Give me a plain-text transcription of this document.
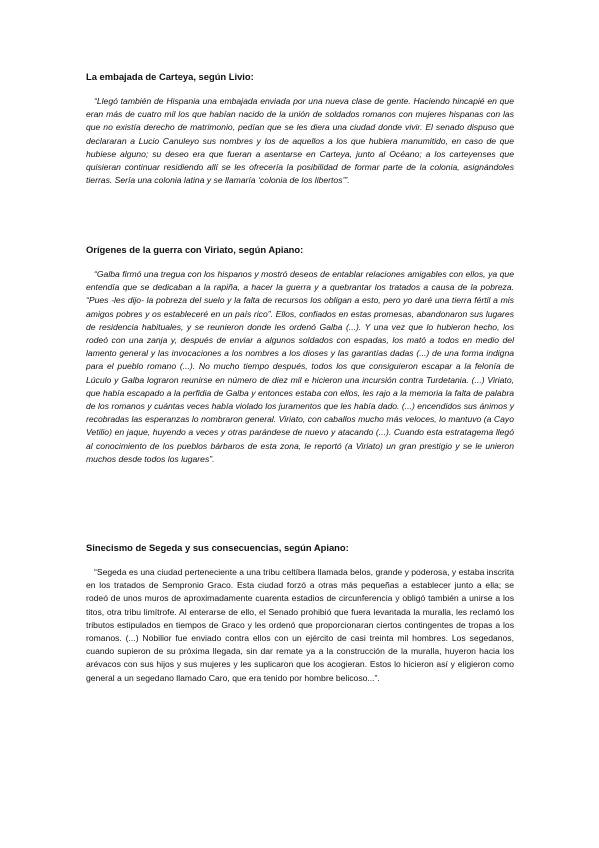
La embajada de Carteya, según Livio:

“Llegó también de Hispania una embajada enviada por una nueva clase de gente. Haciendo hincapié en que eran más de cuatro mil los que habían nacido de la unión de soldados romanos con mujeres hispanas con las que no existía derecho de matrimonio, pedían que se les diera una ciudad donde vivir. El senado dispuso que declararan a Lucio Canuleyo sus nombres y los de aquellos a los que hubiera manumitido, en caso de que hubiese alguno; su deseo era que fueran a asentarse en Carteya, junto al Océano; a los carteyenses que quisieran continuar residiendo allí se les ofrecería la posibilidad de formar parte de la colonia, asignándoles tierras. Sería una colonia latina y se llamaría ‘colonia de los libertos’”.

Orígenes de la guerra con Viriato, según Apiano:

“Galba firmó una tregua con los hispanos y mostró deseos de entablar relaciones amigables con ellos, ya que entendía que se dedicaban a la rapiña, a hacer la guerra y a quebrantar los tratados a causa de la pobreza. “Pues -les dijo- la pobreza del suelo y la falta de recursos los obligan a esto, pero yo daré una tierra fértil a mis amigos pobres y os estableceré en un país rico”. Ellos, confiados en estas promesas, abandonaron sus lugares de residencia habituales, y se reunieron donde les ordenó Galba (...). Y una vez que lo hubieron hecho, los rodeó con una zanja y, después de enviar a algunos soldados con espadas, los mató a todos en medio del lamento general y las invocaciones a los nombres a los dioses y las garantías dadas (...) de una forma indigna para el pueblo romano (...). No mucho tiempo después, todos los que consiguieron escapar a la felonía de Lúculo y Galba lograron reunirse en número de diez mil e hicieron una incursión contra Turdetania. (...) Viriato, que había escapado a la perfidia de Galba y entonces estaba con ellos, les rajo a la memoria la falta de palabra de los romanos y cuántas veces había violado los juramentos que les había dado. (...) encendidos sus ánimos y recobradas las esperanzas lo nombraron general. Viriato, con caballos mucho más veloces, lo mantuvo (a Cayo Vetilio) en jaque, huyendo a veces y otras parándese de nuevo y atacando (...). Cuando esta estratagema llegó al conocimiento de los pueblos bárbaros de esta zona, le reportó (a Viriato) un gran prestigio y se le unieron muchos desde todos los lugares”.

Sinecismo de Segeda y sus consecuencias, según Apiano:

“Segeda es una ciudad perteneciente a una tribu celtíbera llamada belos, grande y poderosa, y estaba inscrita en los tratados de Sempronio Graco. Esta ciudad forzó a otras más pequeñas a establecer junto a ella; se rodeó de unos muros de aproximadamente cuarenta estadios de circunferencia y obligó también a unirse a los titos, otra tribu limítrofe. Al enterarse de ello, el Senado prohibió que fuera levantada la muralla, les reclamó los tributos estipulados en tiempos de Graco y les ordenó que proporcionaran ciertos contingentes de tropas a los romanos. (...) Nobilior fue enviado contra ellos con un ejército de casi treinta mil hombres. Los segedanos, cuando supieron de su próxima llegada, sin dar remate ya a la construcción de la muralla, huyeron hacia los arévacos con sus hijos y sus mujeres y les suplicaron que los acogieran. Estos lo hicieron así y eligieron como general a un segedano llamado Caro, que era tenido por hombre belicoso...”.
